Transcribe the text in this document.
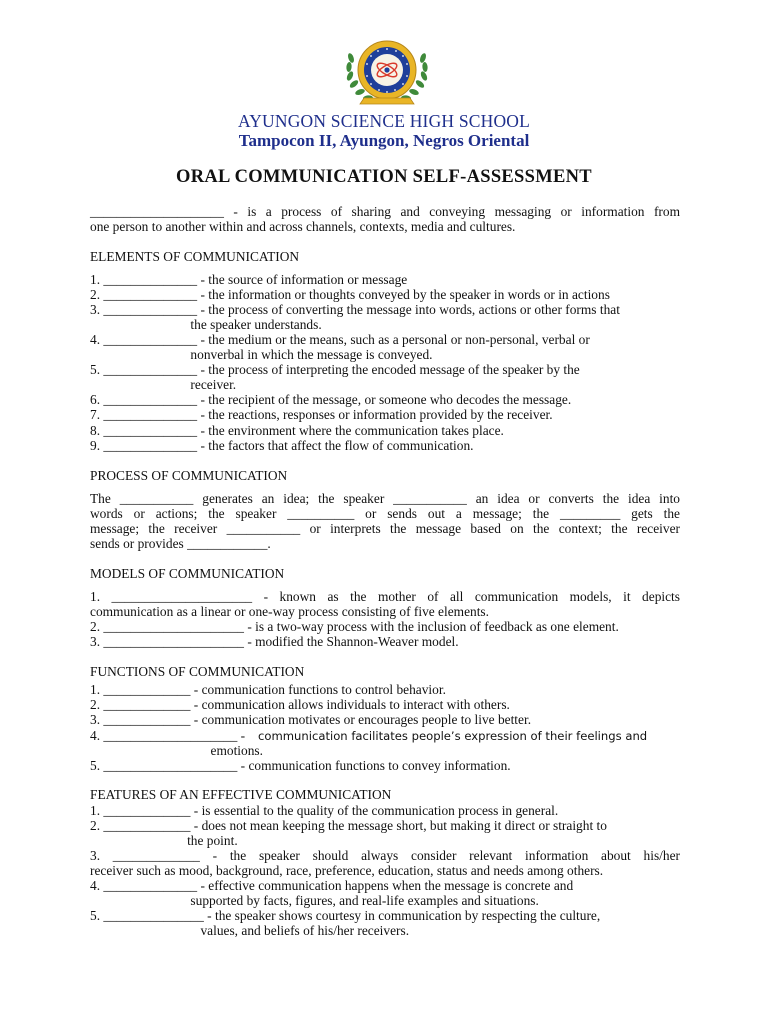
AYUNGON SCIENCE HIGH SCHOOL
Tampocon II, Ayungon, Negros Oriental
ORAL COMMUNICATION SELF-ASSESSMENT
____________________ - is a process of sharing and conveying messaging or information from
one person to another within and across channels, contexts, media and cultures.
ELEMENTS OF COMMUNICATION
1. ______________ - the source of information or message
2. ______________ - the information or thoughts conveyed by the speaker in words or in actions
3. ______________ - the process of converting the message into words, actions or other forms that
the speaker understands.
4. ______________ - the medium or the means, such as a personal or non-personal, verbal or
nonverbal in which the message is conveyed.
5. ______________ - the process of interpreting the encoded message of the speaker by the
receiver.
6. ______________ - the recipient of the message, or someone who decodes the message.
7. ______________ - the reactions, responses or information provided by the receiver.
8. ______________ - the environment where the communication takes place.
9. ______________ - the factors that affect the flow of communication.
PROCESS OF COMMUNICATION
The ___________ generates an idea; the speaker ___________ an idea or converts the idea into
words or actions; the speaker __________ or sends out a message; the _________ gets the
message; the receiver ___________ or interprets the message based on the context; the receiver
sends or provides ____________.
MODELS OF COMMUNICATION
1. _____________________ - known as the mother of all communication models, it depicts
communication as a linear or one-way process consisting of five elements.
2. _____________________ - is a two-way process with the inclusion of feedback as one element.
3. _____________________ - modified the Shannon-Weaver model.
FUNCTIONS OF COMMUNICATION
1. _____________ - communication functions to control behavior.
2. _____________ - communication allows individuals to interact with others.
3. _____________ - communication motivates or encourages people to live better.
4. ____________________ -	communication facilitates people’s expression of their feelings and
emotions.
5. ____________________ - communication functions to convey information.
FEATURES OF AN EFFECTIVE COMMUNICATION
1. _____________ - is essential to the quality of the communication process in general.
2. _____________ - does not mean keeping the message short, but making it direct or straight to
the point.
3. _____________ - the speaker should always consider relevant information about his/her
receiver such as mood, background, race, preference, education, status and needs among others.
4. ______________ - effective communication happens when the message is concrete and
supported by facts, figures, and real-life examples and situations.
5. _______________ - the speaker shows courtesy in communication by respecting the culture,
values, and beliefs of his/her receivers.
